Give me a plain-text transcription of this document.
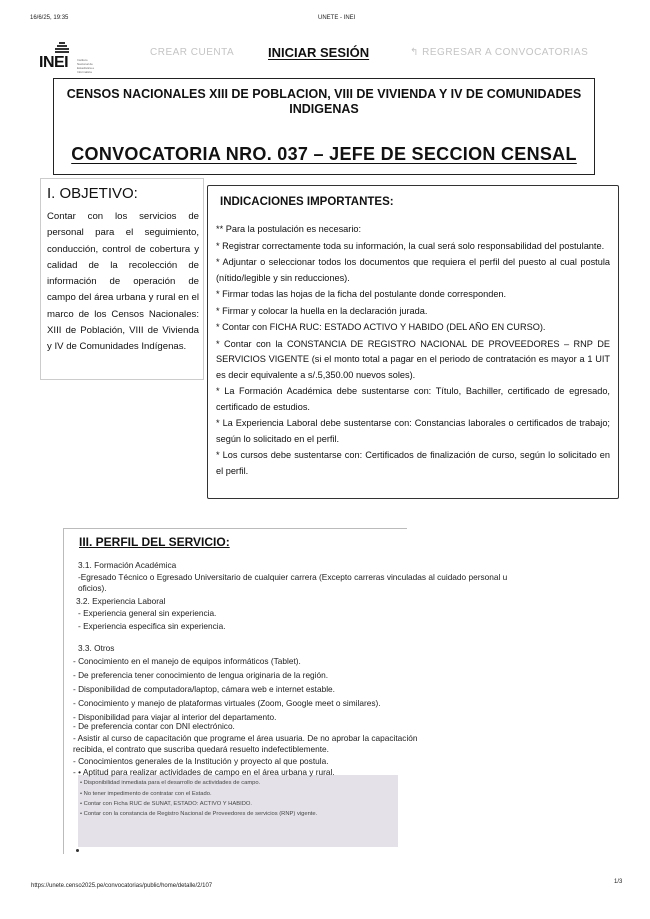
16/6/25, 19:35	UNETE - INEI
INEI	Instituto Nacional de Estadística e Informática
CREAR CUENTA	INICIAR SESIÓN	↰ REGRESAR A CONVOCATORIAS
CENSOS NACIONALES XIII DE POBLACION, VIII DE VIVIENDA Y IV DE COMUNIDADES INDIGENAS
CONVOCATORIA NRO. 037 – JEFE DE SECCION CENSAL
I. OBJETIVO:
Contar con los servicios de personal para el seguimiento, conducción, control de cobertura y calidad de la recolección de información de operación de campo del área urbana y rural en el marco de los Censos Nacionales: XIII de Población, VIII de Vivienda y IV de Comunidades Indígenas.
INDICACIONES IMPORTANTES:

** Para la postulación es necesario:

* Registrar correctamente toda su información, la cual será solo responsabilidad del postulante.

* Adjuntar o seleccionar todos los documentos que requiera el perfil del puesto al cual postula (nítido/legible y sin reducciones).

* Firmar todas las hojas de la ficha del postulante donde corresponden.

* Firmar y colocar la huella en la declaración jurada.

* Contar con FICHA RUC: ESTADO ACTIVO Y HABIDO (DEL AÑO EN CURSO).

* Contar con la CONSTANCIA DE REGISTRO NACIONAL DE PROVEEDORES – RNP DE SERVICIOS VIGENTE (si el monto total a pagar en el periodo de contratación es mayor a 1 UIT es decir equivalente a s/.5,350.00 nuevos soles).

* La Formación Académica debe sustentarse con: Título, Bachiller, certificado de egresado, certificado de estudios.

* La Experiencia Laboral debe sustentarse con: Constancias laborales o certificados de trabajo; según lo solicitado en el perfil.

* Los cursos debe sustentarse con: Certificados de finalización de curso, según lo solicitado en el perfil.

III. PERFIL DEL SERVICIO:
3.1. Formación Académica
-Egresado Técnico o Egresado Universitario de cualquier carrera (Excepto carreras vinculadas al cuidado personal u oficios).
3.2. Experiencia Laboral
- Experiencia general sin experiencia.
- Experiencia especifica sin experiencia.
3.3. Otros
- Conocimiento en el manejo de equipos informáticos (Tablet).
- De preferencia tener conocimiento de lengua originaria de la región.
- Disponibilidad de computadora/laptop, cámara web e internet estable.
- Conocimiento y manejo de plataformas virtuales (Zoom, Google meet o similares).
- Disponibilidad para viajar al interior del departamento.
- De preferencia contar con DNI electrónico.
- Asistir al curso de capacitación que programe el área usuaria. De no aprobar la capacitación recibida, el contrato que suscriba quedará resuelto indefectiblemente.
- Conocimientos generales de la Institución y proyecto al que postula.
- • Aptitud para realizar actividades de campo en el área urbana y rural.
• Disponibilidad inmediata para el desarrollo de actividades de campo.
• No tener impedimento de contratar con el Estado.
• Contar con Ficha RUC de SUNAT, ESTADO: ACTIVO Y HABIDO.
• Contar con la constancia de Registro Nacional de Proveedores de servicios (RNP) vigente.
https://unete.censo2025.pe/convocatorias/public/home/detalle/2/107
1/3
